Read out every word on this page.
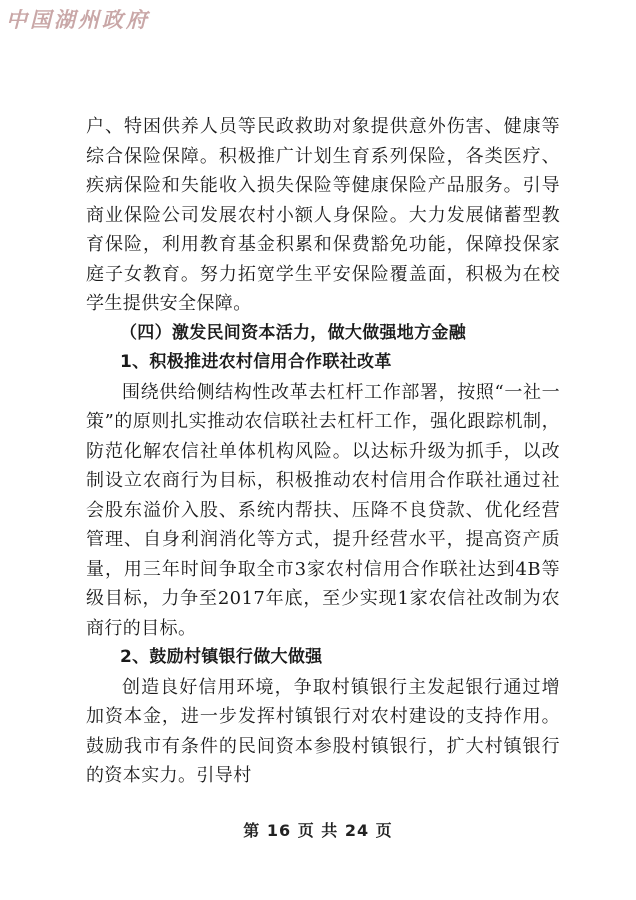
中国湖州政府

户、特困供养人员等民政救助对象提供意外伤害、健康等综合保险保障。积极推广计划生育系列保险，各类医疗、疾病保险和失能收入损失保险等健康保险产品服务。引导商业保险公司发展农村小额人身保险。大力发展储蓄型教育保险，利用教育基金积累和保费豁免功能，保障投保家庭子女教育。努力拓宽学生平安保险覆盖面，积极为在校学生提供安全保障。

（四）激发民间资本活力，做大做强地方金融

1、积极推进农村信用合作联社改革

围绕供给侧结构性改革去杠杆工作部署，按照“一社一策”的原则扎实推动农信联社去杠杆工作，强化跟踪机制，防范化解农信社单体机构风险。以达标升级为抓手，以改制设立农商行为目标，积极推动农村信用合作联社通过社会股东溢价入股、系统内帮扶、压降不良贷款、优化经营管理、自身利润消化等方式，提升经营水平，提高资产质量，用三年时间争取全市3家农村信用合作联社达到4B等级目标，力争至2017年底，至少实现1家农信社改制为农商行的目标。

2、鼓励村镇银行做大做强

创造良好信用环境，争取村镇银行主发起银行通过增加资本金，进一步发挥村镇银行对农村建设的支持作用。鼓励我市有条件的民间资本参股村镇银行，扩大村镇银行的资本实力。引导村

第 16 页 共 24 页
